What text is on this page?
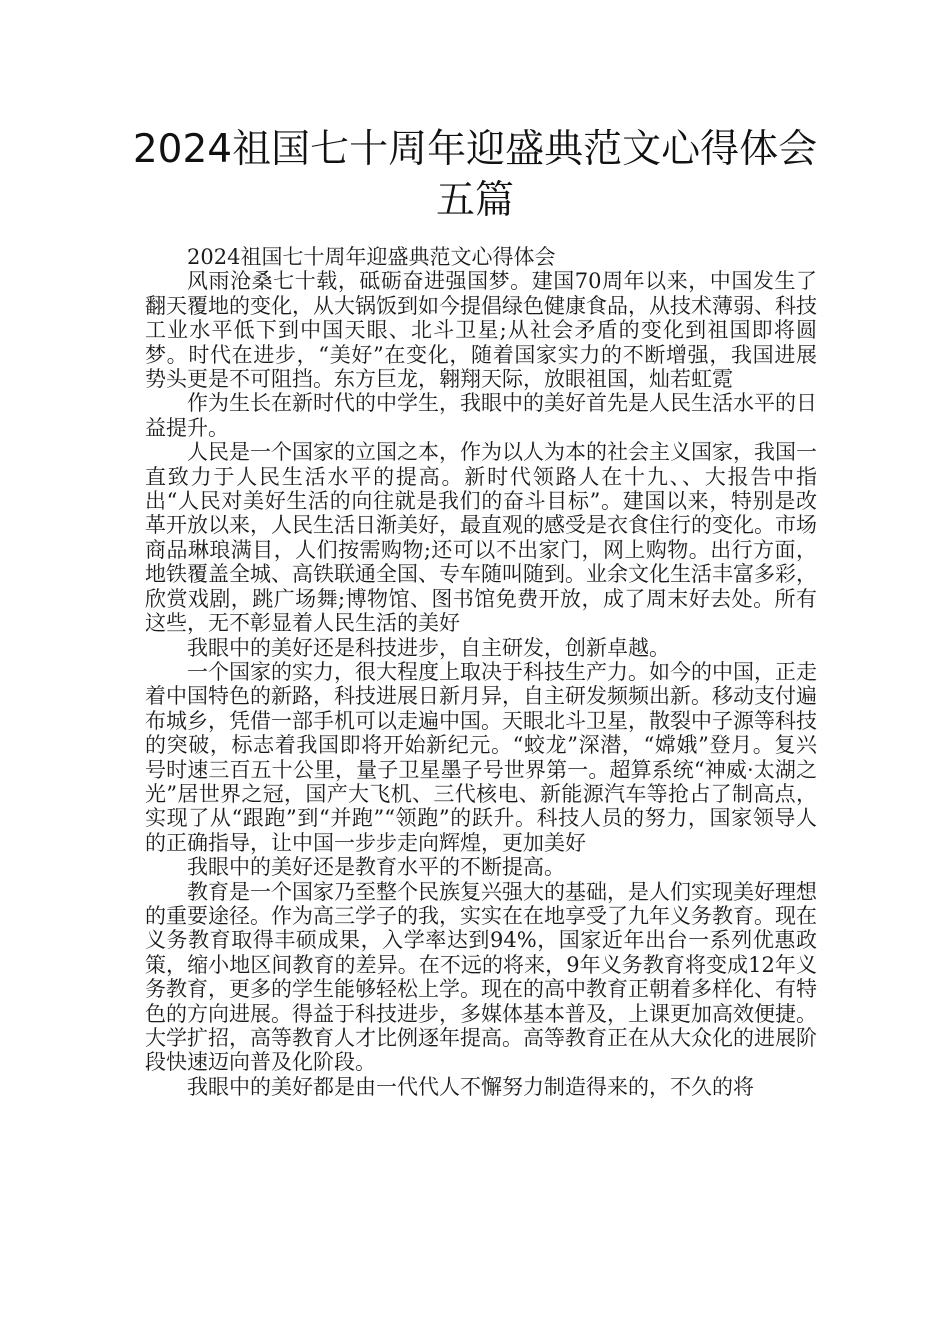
2024祖国七十周年迎盛典范文心得体会五篇

2024祖国七十周年迎盛典范文心得体会

风雨沧桑七十载，砥砺奋进强国梦。建国70周年以来，中国发生了翻天覆地的变化，从大锅饭到如今提倡绿色健康食品，从技术薄弱、科技工业水平低下到中国天眼、北斗卫星;从社会矛盾的变化到祖国即将圆梦。时代在进步，“美好”在变化，随着国家实力的不断增强，我国进展势头更是不可阻挡。东方巨龙，翱翔天际，放眼祖国，灿若虹霓

作为生长在新时代的中学生，我眼中的美好首先是人民生活水平的日益提升。

人民是一个国家的立国之本，作为以人为本的社会主义国家，我国一直致力于人民生活水平的提高。新时代领路人在十九、、大报告中指出“人民对美好生活的向往就是我们的奋斗目标”。建国以来，特别是改革开放以来，人民生活日渐美好，最直观的感受是衣食住行的变化。市场商品琳琅满目，人们按需购物;还可以不出家门，网上购物。出行方面，地铁覆盖全城、高铁联通全国、专车随叫随到。业余文化生活丰富多彩，欣赏戏剧，跳广场舞;博物馆、图书馆免费开放，成了周末好去处。所有这些，无不彰显着人民生活的美好

我眼中的美好还是科技进步，自主研发，创新卓越。

一个国家的实力，很大程度上取决于科技生产力。如今的中国，正走着中国特色的新路，科技进展日新月异，自主研发频频出新。移动支付遍布城乡，凭借一部手机可以走遍中国。天眼北斗卫星，散裂中子源等科技的突破，标志着我国即将开始新纪元。“蛟龙”深潜，“嫦娥”登月。复兴号时速三百五十公里，量子卫星墨子号世界第一。超算系统“神威·太湖之光”居世界之冠，国产大飞机、三代核电、新能源汽车等抢占了制高点，实现了从“跟跑”到“并跑”“领跑”的跃升。科技人员的努力，国家领导人的正确指导，让中国一步步走向辉煌，更加美好

我眼中的美好还是教育水平的不断提高。

教育是一个国家乃至整个民族复兴强大的基础，是人们实现美好理想的重要途径。作为高三学子的我，实实在在地享受了九年义务教育。现在义务教育取得丰硕成果，入学率达到94%，国家近年出台一系列优惠政策，缩小地区间教育的差异。在不远的将来，9年义务教育将变成12年义务教育，更多的学生能够轻松上学。现在的高中教育正朝着多样化、有特色的方向进展。得益于科技进步，多媒体基本普及，上课更加高效便捷。大学扩招，高等教育人才比例逐年提高。高等教育正在从大众化的进展阶段快速迈向普及化阶段。

我眼中的美好都是由一代代人不懈努力制造得来的，不久的将
